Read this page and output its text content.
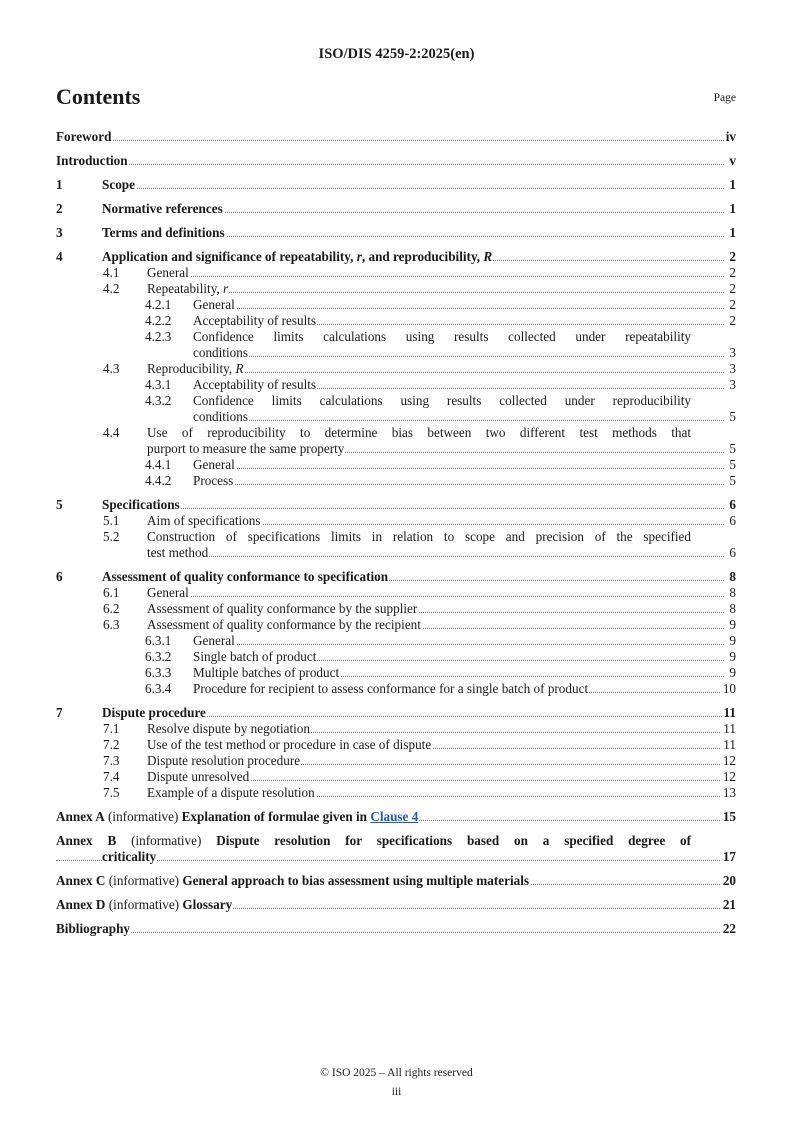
ISO/DIS 4259-2:2025(en)
Contents	Page
Foreword	iv
Introduction	v
1	Scope	1
2	Normative references	1
3	Terms and definitions	1
4	Application and significance of repeatability, r, and reproducibility, R	2
4.1 General	2
4.2 Repeatability, r	2
4.2.1 General	2
4.2.2 Acceptability of results	2
4.2.3 Confidence limits calculations using results collected under repeatability
conditions	3
4.3 Reproducibility, R	3
4.3.1 Acceptability of results	3
4.3.2 Confidence limits calculations using results collected under reproducibility
conditions	5
4.4 Use of reproducibility to determine bias between two different test methods that
purport to measure the same property	5
4.4.1 General	5
4.4.2 Process	5
5	Specifications	6
5.1 Aim of specifications	6
5.2 Construction of specifications limits in relation to scope and precision of the specified
test method	6
6	Assessment of quality conformance to specification	8
6.1 General	8
6.2 Assessment of quality conformance by the supplier	8
6.3 Assessment of quality conformance by the recipient	9
6.3.1 General	9
6.3.2 Single batch of product	9
6.3.3 Multiple batches of product	9
6.3.4 Procedure for recipient to assess conformance for a single batch of product	10
7	Dispute procedure	11
7.1 Resolve dispute by negotiation	11
7.2 Use of the test method or procedure in case of dispute	11
7.3 Dispute resolution procedure	12
7.4 Dispute unresolved	12
7.5 Example of a dispute resolution	13
Annex A (informative) Explanation of formulae given in Clause 4	15
Annex B (informative) Dispute resolution for specifications based on a specified degree of
criticality	17
Annex C (informative) General approach to bias assessment using multiple materials	20
Annex D (informative) Glossary	21
Bibliography	22
© ISO 2025 – All rights reserved
iii
